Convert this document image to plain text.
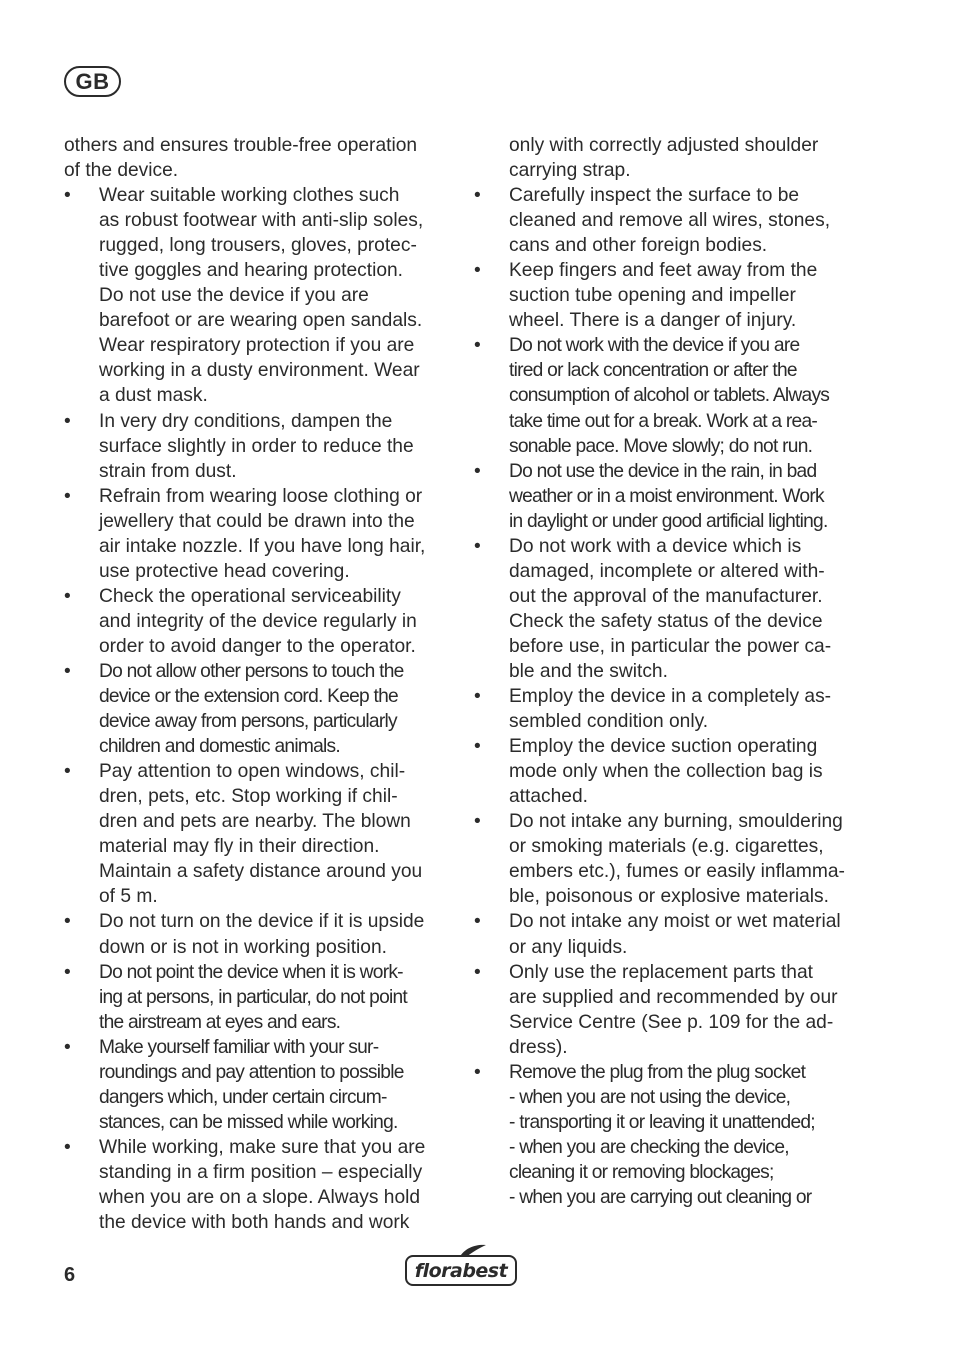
GB
others and ensures trouble-free operation
of the device.
• Wear suitable working clothes such
as robust footwear with anti-slip soles,
rugged, long trousers, gloves, protec-
tive goggles and hearing protection.
Do not use the device if you are
barefoot or are wearing open sandals.
Wear respiratory protection if you are
working in a dusty environment. Wear
a dust mask.
• In very dry conditions, dampen the
surface slightly in order to reduce the
strain from dust.
• Refrain from wearing loose clothing or
jewellery that could be drawn into the
air intake nozzle. If you have long hair,
use protective head covering.
• Check the operational serviceability
and integrity of the device regularly in
order to avoid danger to the operator.
• Do not allow other persons to touch the
device or the extension cord. Keep the
device away from persons, particularly
children and domestic animals.
• Pay attention to open windows, chil-
dren, pets, etc. Stop working if chil-
dren and pets are nearby. The blown
material may fly in their direction.
Maintain a safety distance around you
of 5 m.
• Do not turn on the device if it is upside
down or is not in working position.
• Do not point the device when it is work-
ing at persons, in particular, do not point
the airstream at eyes and ears.
• Make yourself familiar with your sur-
roundings and pay attention to possible
dangers which, under certain circum-
stances, can be missed while working.
• While working, make sure that you are
standing in a firm position – especially
when you are on a slope. Always hold
the device with both hands and work
only with correctly adjusted shoulder
carrying strap.
• Carefully inspect the surface to be
cleaned and remove all wires, stones,
cans and other foreign bodies.
• Keep fingers and feet away from the
suction tube opening and impeller
wheel. There is a danger of injury.
• Do not work with the device if you are
tired or lack concentration or after the
consumption of alcohol or tablets. Always
take time out for a break. Work at a rea-
sonable pace. Move slowly; do not run.
• Do not use the device in the rain, in bad
weather or in a moist environment. Work
in daylight or under good artificial lighting.
• Do not work with a device which is
damaged, incomplete or altered with-
out the approval of the manufacturer.
Check the safety status of the device
before use, in particular the power ca-
ble and the switch.
• Employ the device in a completely as-
sembled condition only.
• Employ the device suction operating
mode only when the collection bag is
attached.
• Do not intake any burning, smouldering
or smoking materials (e.g. cigarettes,
embers etc.), fumes or easily inflamma-
ble, poisonous or explosive materials.
• Do not intake any moist or wet material
or any liquids.
• Only use the replacement parts that
are supplied and recommended by our
Service Centre (See p. 109 for the ad-
dress).
• Remove the plug from the plug socket
- when you are not using the device,
- transporting it or leaving it unattended;
- when you are checking the device,
cleaning it or removing blockages;
- when you are carrying out cleaning or
6	florabest
